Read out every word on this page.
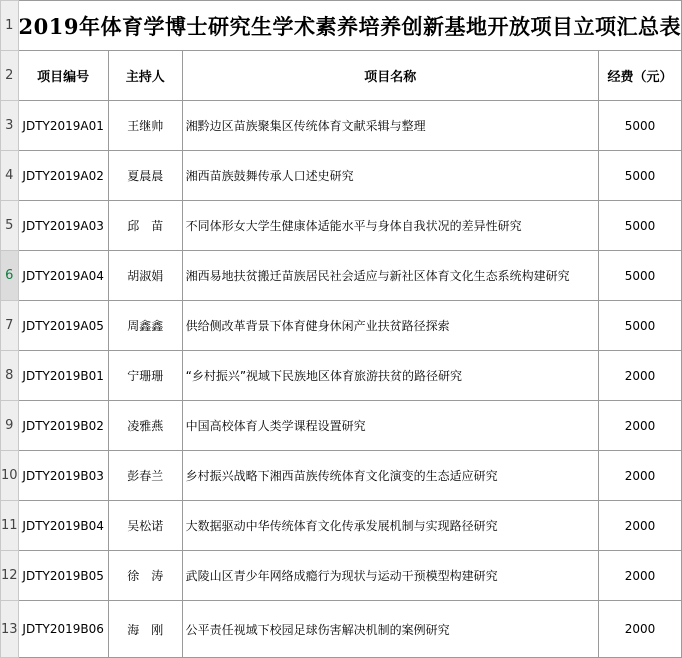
1	2019年体育学博士研究生学术素养培养创新基地开放项目立项汇总表			
2	项目编号	主持人	项目名称	经费（元）
3	JDTY2019A01	王继帅	湘黔边区苗族聚集区传统体育文献采辑与整理	5000
4	JDTY2019A02	夏晨晨	湘西苗族鼓舞传承人口述史研究	5000
5	JDTY2019A03	邱　苗	不同体形女大学生健康体适能水平与身体自我状况的差异性研究	5000
6	JDTY2019A04	胡淑娟	湘西易地扶贫搬迁苗族居民社会适应与新社区体育文化生态系统构建研究	5000
7	JDTY2019A05	周鑫鑫	供给侧改革背景下体育健身休闲产业扶贫路径探索	5000
8	JDTY2019B01	宁珊珊	“乡村振兴”视域下民族地区体育旅游扶贫的路径研究	2000
9	JDTY2019B02	凌雅燕	中国高校体育人类学课程设置研究	2000
10	JDTY2019B03	彭春兰	乡村振兴战略下湘西苗族传统体育文化演变的生态适应研究	2000
11	JDTY2019B04	吴松诺	大数据驱动中华传统体育文化传承发展机制与实现路径研究	2000
12	JDTY2019B05	徐　涛	武陵山区青少年网络成瘾行为现状与运动干预模型构建研究	2000
13	JDTY2019B06	海　刚	公平责任视域下校园足球伤害解决机制的案例研究	2000
